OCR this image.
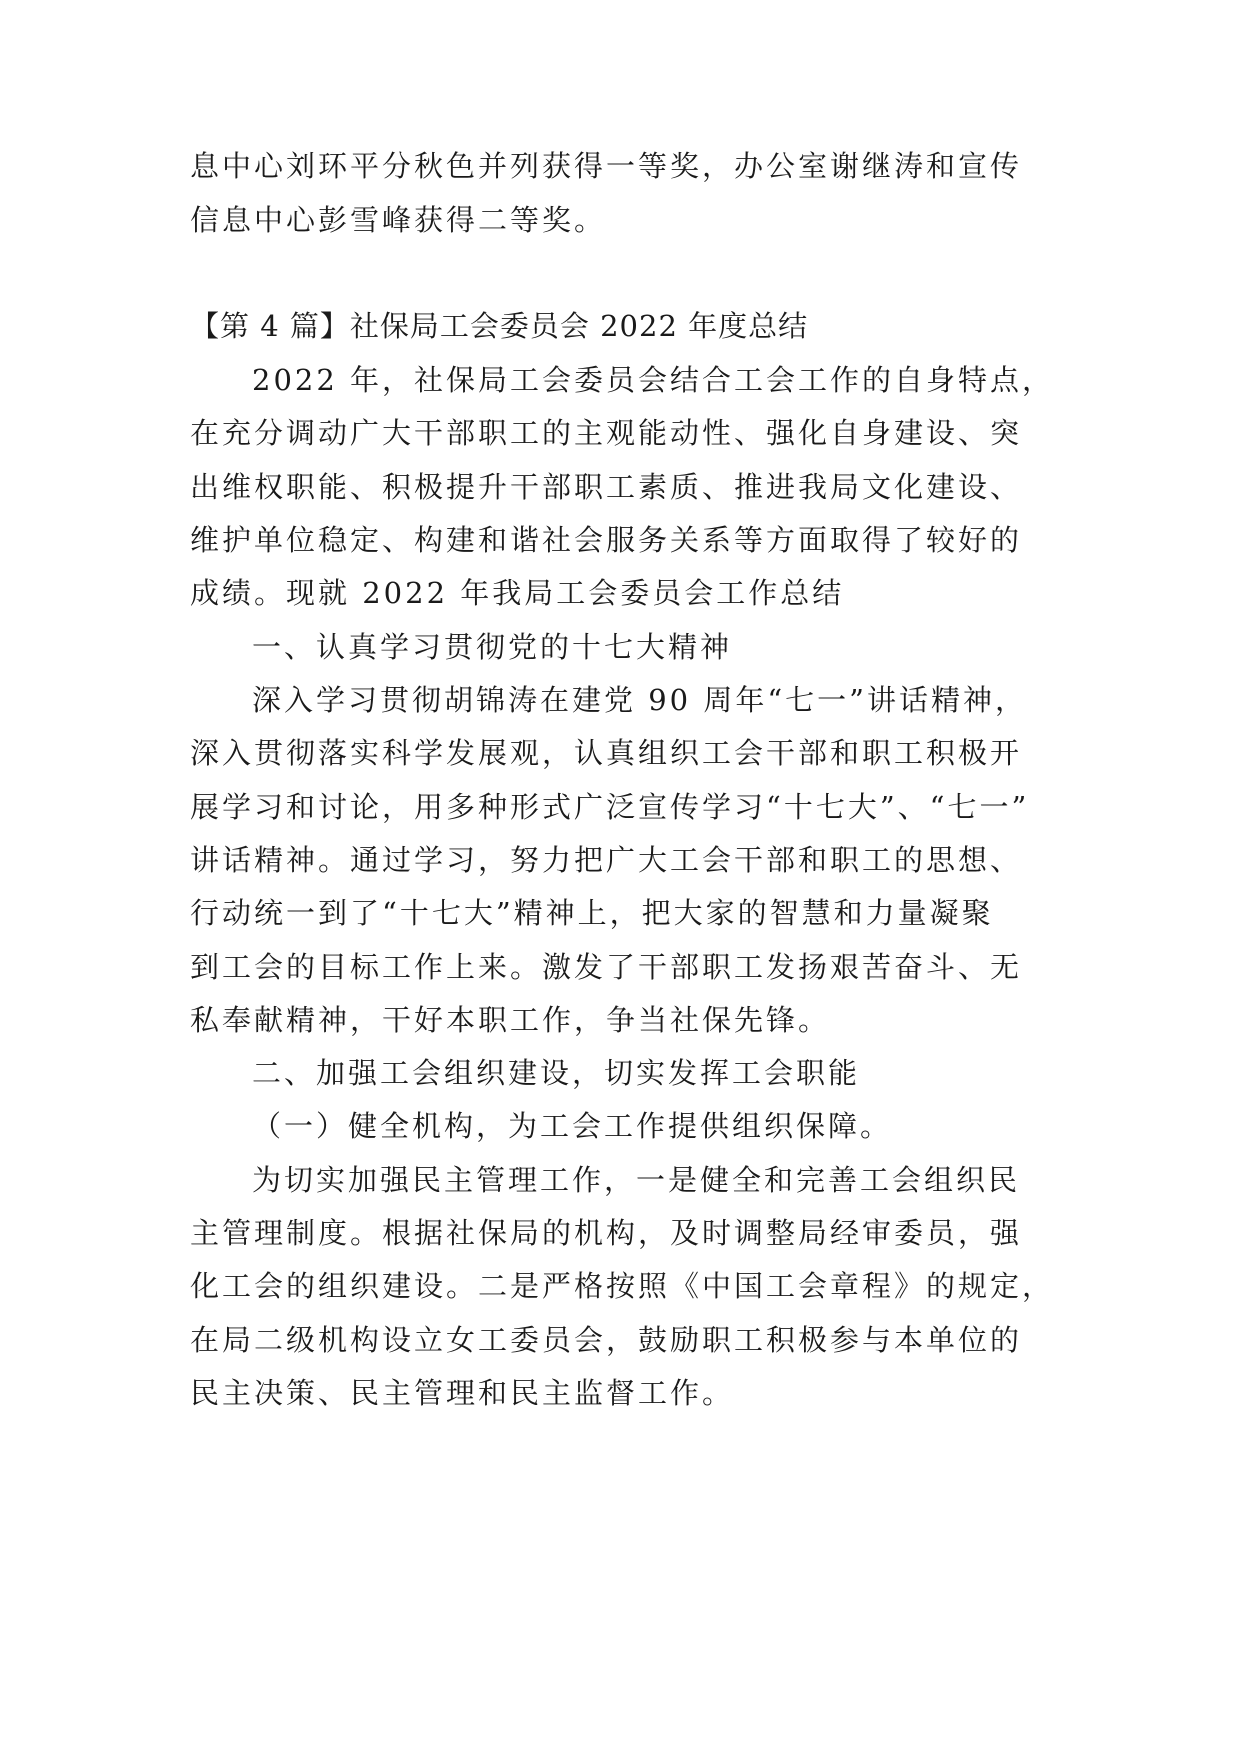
息中心刘环平分秋色并列获得一等奖，办公室谢继涛和宣传
信息中心彭雪峰获得二等奖。
【第 4 篇】社保局工会委员会 2022 年度总结
2022 年，社保局工会委员会结合工会工作的自身特点，
在充分调动广大干部职工的主观能动性、强化自身建设、突
出维权职能、积极提升干部职工素质、推进我局文化建设、
维护单位稳定、构建和谐社会服务关系等方面取得了较好的
成绩。现就 2022 年我局工会委员会工作总结
一、认真学习贯彻党的十七大精神
深入学习贯彻胡锦涛在建党 90 周年“七一”讲话精神，
深入贯彻落实科学发展观，认真组织工会干部和职工积极开
展学习和讨论，用多种形式广泛宣传学习“十七大”、“七一”
讲话精神。通过学习，努力把广大工会干部和职工的思想、
行动统一到了“十七大”精神上，把大家的智慧和力量凝聚
到工会的目标工作上来。激发了干部职工发扬艰苦奋斗、无
私奉献精神，干好本职工作，争当社保先锋。
二、加强工会组织建设，切实发挥工会职能
（一）健全机构，为工会工作提供组织保障。
为切实加强民主管理工作，一是健全和完善工会组织民
主管理制度。根据社保局的机构，及时调整局经审委员，强
化工会的组织建设。二是严格按照《中国工会章程》的规定，
在局二级机构设立女工委员会，鼓励职工积极参与本单位的
民主决策、民主管理和民主监督工作。
